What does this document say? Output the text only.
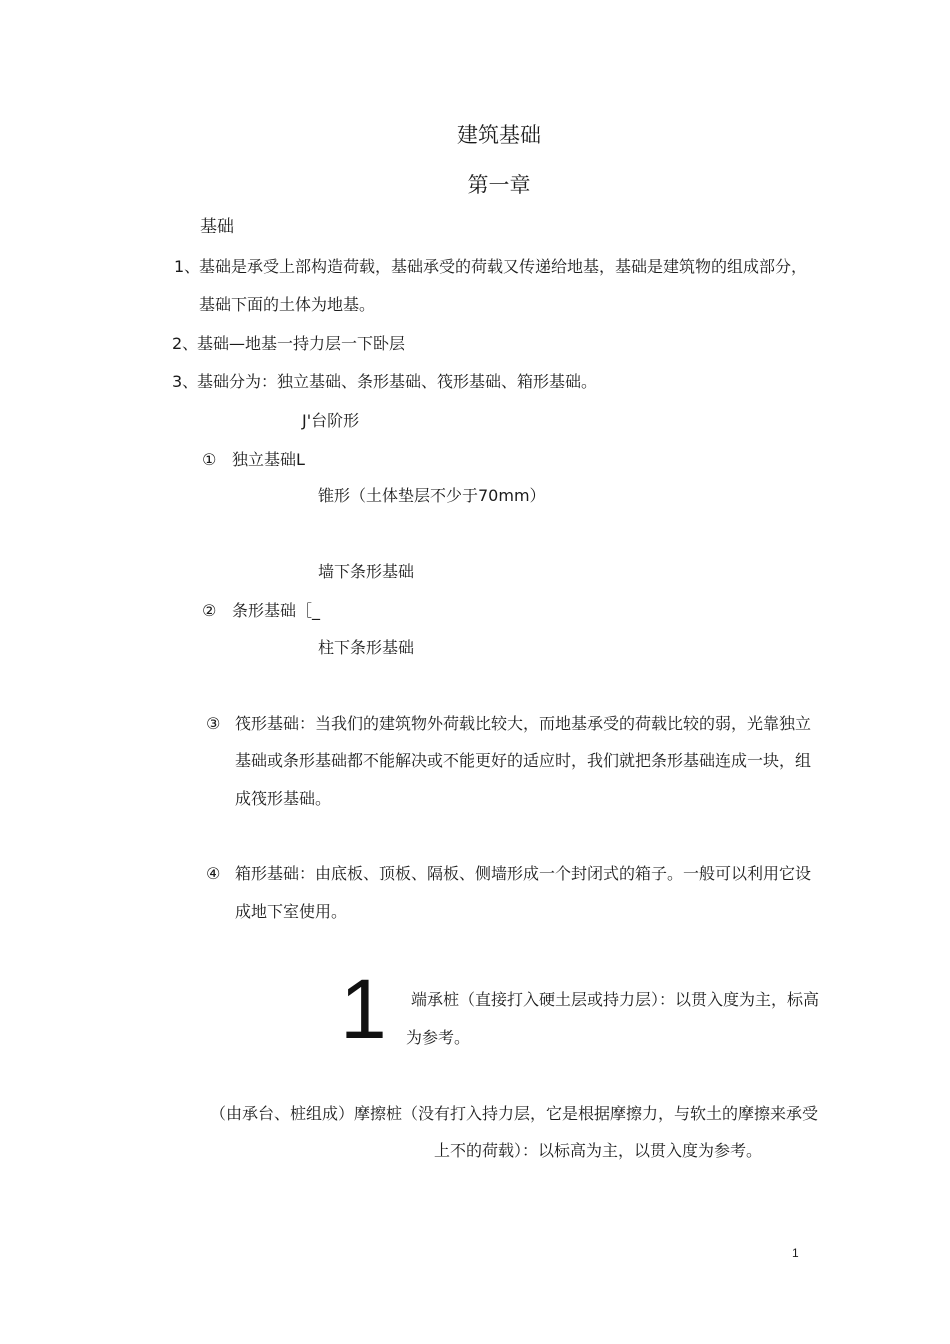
建筑基础
第一章
基础
1、
基础是承受上部构造荷载，基础承受的荷载又传递给地基，基础是建筑物的组成部分，
基础下面的土体为地基。
2、
基础—地基一持力层一下卧层
3、
基础分为：独立基础、条形基础、筏形基础、箱形基础。
J'台阶形
① 独立基础L
锥形（土体垫层不少于70mm）
墙下条形基础
② 条形基础［_
柱下条形基础
③ 筏形基础：当我们的建筑物外荷载比较大，而地基承受的荷载比较的弱，光靠独立
基础或条形基础都不能解决或不能更好的适应时，我们就把条形基础连成一块，组
成筏形基础。
④ 箱形基础：由底板、顶板、隔板、侧墙形成一个封闭式的箱子。一般可以利用它设
成地下室使用。
1 端承桩（直接打入硬土层或持力层）：以贯入度为主，标高
为参考。
（由承台、桩组成）摩擦桩（没有打入持力层，它是根据摩擦力，与软土的摩擦来承受
上不的荷载）：以标高为主，以贯入度为参考。
1
